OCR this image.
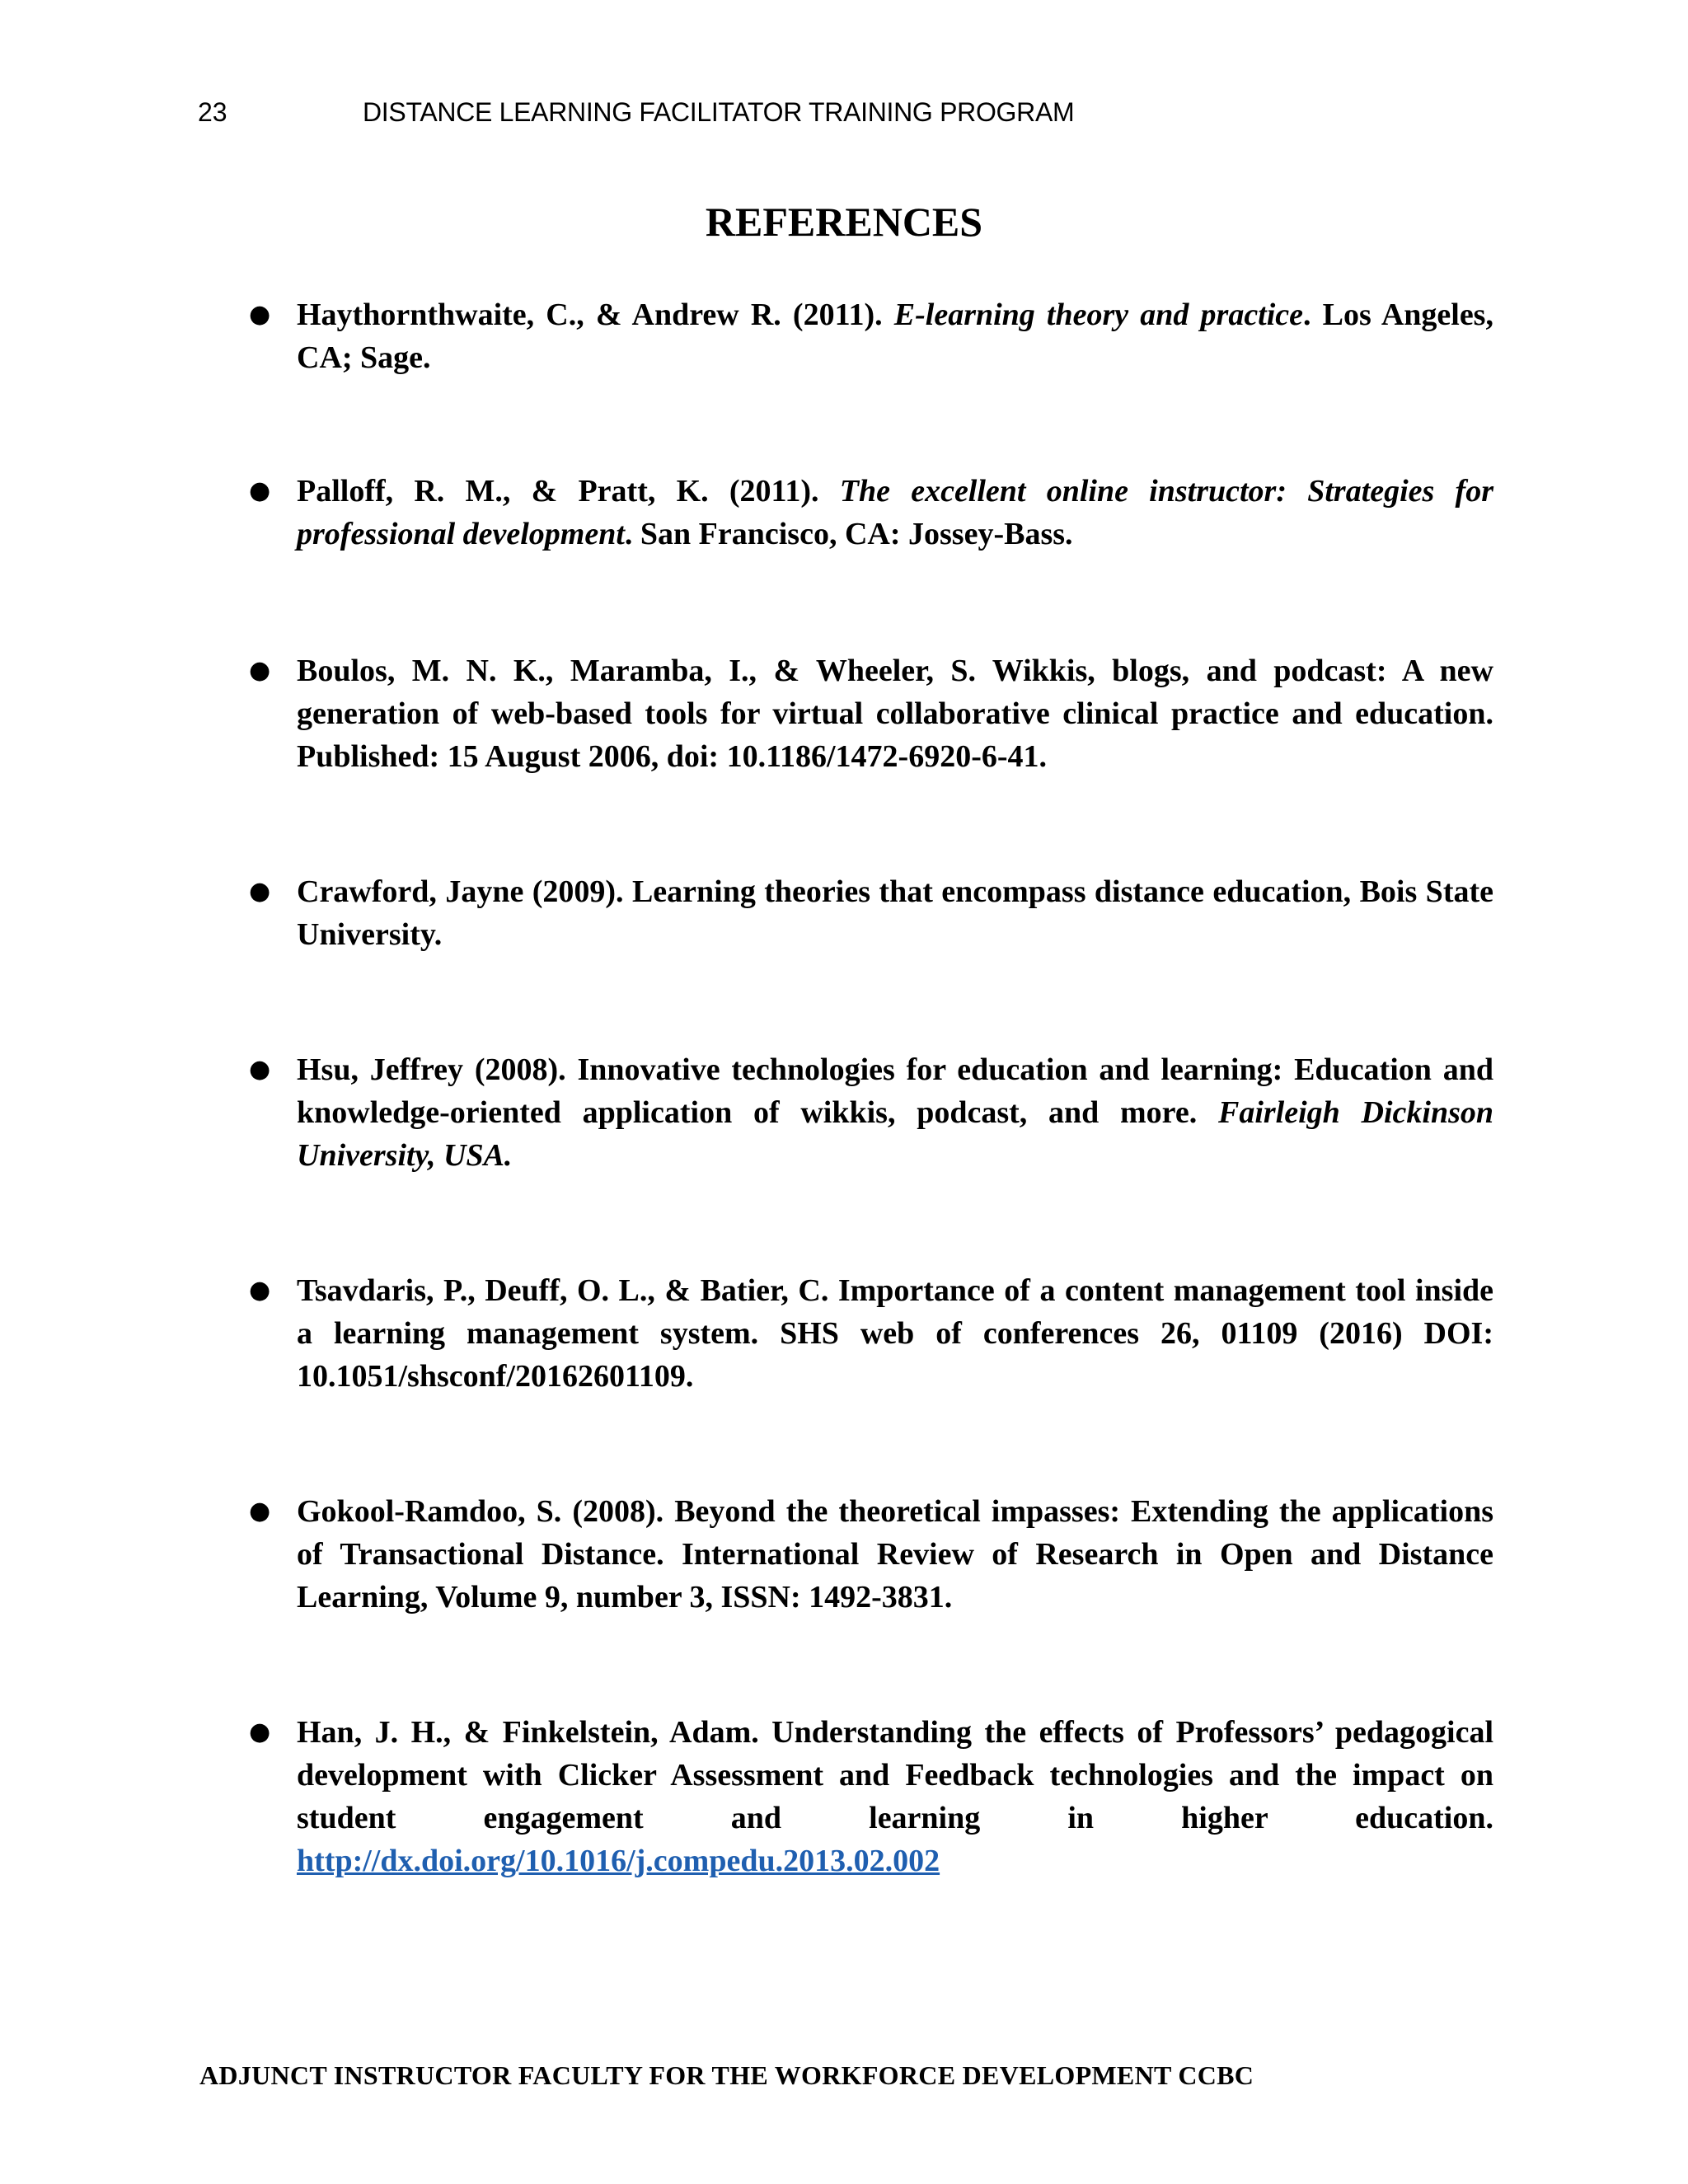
23	DISTANCE LEARNING FACILITATOR TRAINING PROGRAM
REFERENCES
● Haythornthwaite, C., & Andrew R. (2011). E-learning theory and practice. Los Angeles, CA; Sage.
● Palloff, R. M., & Pratt, K. (2011). The excellent online instructor: Strategies for professional development. San Francisco, CA: Jossey-Bass.
● Boulos, M. N. K., Maramba, I., & Wheeler, S. Wikkis, blogs, and podcast: A new generation of web-based tools for virtual collaborative clinical practice and education. Published: 15 August 2006, doi: 10.1186/1472-6920-6-41.
● Crawford, Jayne (2009). Learning theories that encompass distance education, Bois State University.
● Hsu, Jeffrey (2008). Innovative technologies for education and learning: Education and knowledge-oriented application of wikkis, podcast, and more. Fairleigh Dickinson University, USA.
● Tsavdaris, P., Deuff, O. L., & Batier, C. Importance of a content management tool inside a learning management system. SHS web of conferences 26, 01109 (2016) DOI: 10.1051/shsconf/20162601109.
● Gokool-Ramdoo, S. (2008). Beyond the theoretical impasses: Extending the applications of Transactional Distance. International Review of Research in Open and Distance Learning, Volume 9, number 3, ISSN: 1492-3831.
● Han, J. H., & Finkelstein, Adam. Understanding the effects of Professors’ pedagogical development with Clicker Assessment and Feedback technologies and the impact on student engagement and learning in higher education. http://dx.doi.org/10.1016/j.compedu.2013.02.002
ADJUNCT INSTRUCTOR FACULTY FOR THE WORKFORCE DEVELOPMENT CCBC
